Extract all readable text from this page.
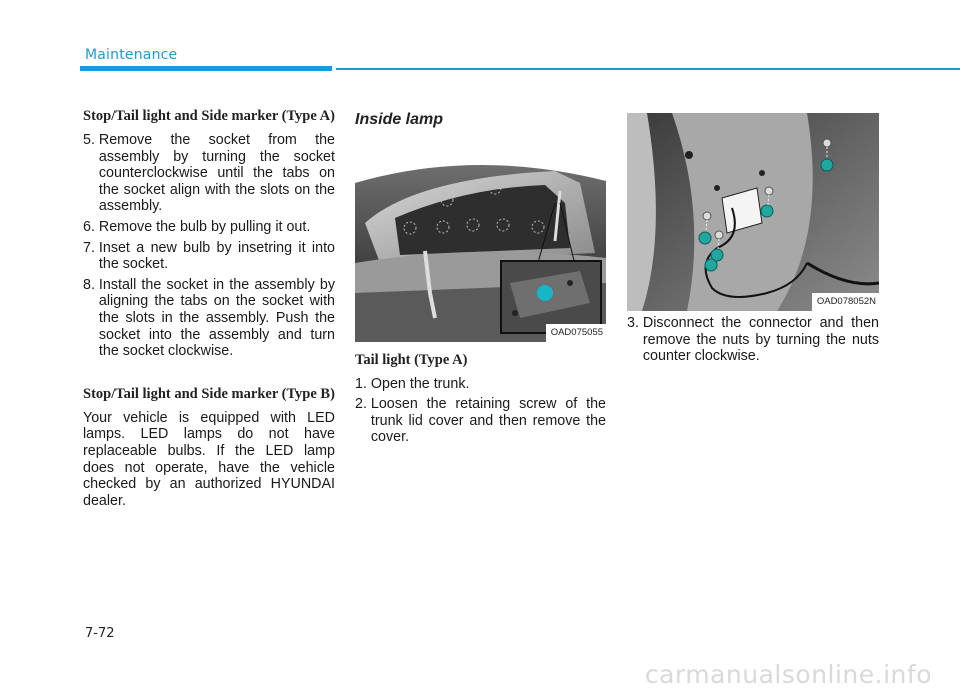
Maintenance
Stop/Tail light and Side marker (Type A)
5. Remove the socket from the assembly by turning the socket counterclockwise until the tabs on the socket align with the slots on the assembly.
6. Remove the bulb by pulling it out.
7. Inset a new bulb by insetring it into the socket.
8. Install the socket in the assembly by aligning the tabs on the socket with the slots in the assembly. Push the socket into the assembly and turn the socket clockwise.
Stop/Tail light and Side marker (Type B)

Your vehicle is equipped with LED lamps. LED lamps do not have replaceable bulbs. If the LED lamp does not operate, have the vehicle checked by an authorized HYUNDAI dealer.

Inside lamp
OAD075055
Tail light (Type A)
1. Open the trunk.
2. Loosen the retaining screw of the trunk lid cover and then remove the cover.
OAD078052N
3. Disconnect the connector and then remove the nuts by turning the nuts counter clockwise.
7-72
carmanualsonline.info
